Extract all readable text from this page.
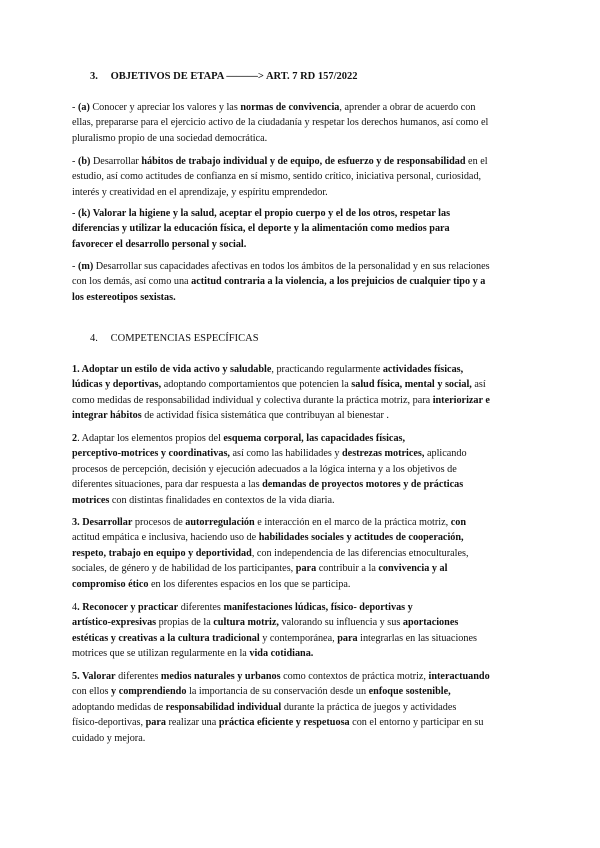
3. OBJETIVOS DE ETAPA ———> ART. 7 RD 157/2022
- (a) Conocer y apreciar los valores y las normas de convivencia, aprender a obrar de acuerdo con
ellas, prepararse para el ejercicio activo de la ciudadanía y respetar los derechos humanos, así como el
pluralismo propio de una sociedad democrática.
- (b) Desarrollar hábitos de trabajo individual y de equipo, de esfuerzo y de responsabilidad en el
estudio, así como actitudes de confianza en sí mismo, sentido crítico, iniciativa personal, curiosidad,
interés y creatividad en el aprendizaje, y espíritu emprendedor.
- (k) Valorar la higiene y la salud, aceptar el propio cuerpo y el de los otros, respetar las
diferencias y utilizar la educación física, el deporte y la alimentación como medios para
favorecer el desarrollo personal y social.
- (m) Desarrollar sus capacidades afectivas en todos los ámbitos de la personalidad y en sus relaciones
con los demás, así como una actitud contraria a la violencia, a los prejuicios de cualquier tipo y a
los estereotipos sexistas.
4. COMPETENCIAS ESPECÍFICAS
1. Adoptar un estilo de vida activo y saludable, practicando regularmente actividades físicas,
lúdicas y deportivas, adoptando comportamientos que potencien la salud física, mental y social, así
como medidas de responsabilidad individual y colectiva durante la práctica motriz, para interiorizar e
integrar hábitos de actividad física sistemática que contribuyan al bienestar .
2. Adaptar los elementos propios del esquema corporal, las capacidades físicas,
perceptivo-motrices y coordinativas, así como las habilidades y destrezas motrices, aplicando
procesos de percepción, decisión y ejecución adecuados a la lógica interna y a los objetivos de
diferentes situaciones, para dar respuesta a las demandas de proyectos motores y de prácticas
motrices con distintas finalidades en contextos de la vida diaria.
3. Desarrollar procesos de autorregulación e interacción en el marco de la práctica motriz, con
actitud empática e inclusiva, haciendo uso de habilidades sociales y actitudes de cooperación,
respeto, trabajo en equipo y deportividad, con independencia de las diferencias etnoculturales,
sociales, de género y de habilidad de los participantes, para contribuir a la convivencia y al
compromiso ético en los diferentes espacios en los que se participa.
4. Reconocer y practicar diferentes manifestaciones lúdicas, físico- deportivas y
artístico-expresivas propias de la cultura motriz, valorando su influencia y sus aportaciones
estéticas y creativas a la cultura tradicional y contemporánea, para integrarlas en las situaciones
motrices que se utilizan regularmente en la vida cotidiana.
5. Valorar diferentes medios naturales y urbanos como contextos de práctica motriz, interactuando
con ellos y comprendiendo la importancia de su conservación desde un enfoque sostenible,
adoptando medidas de responsabilidad individual durante la práctica de juegos y actividades
físico-deportivas, para realizar una práctica eficiente y respetuosa con el entorno y participar en su
cuidado y mejora.
